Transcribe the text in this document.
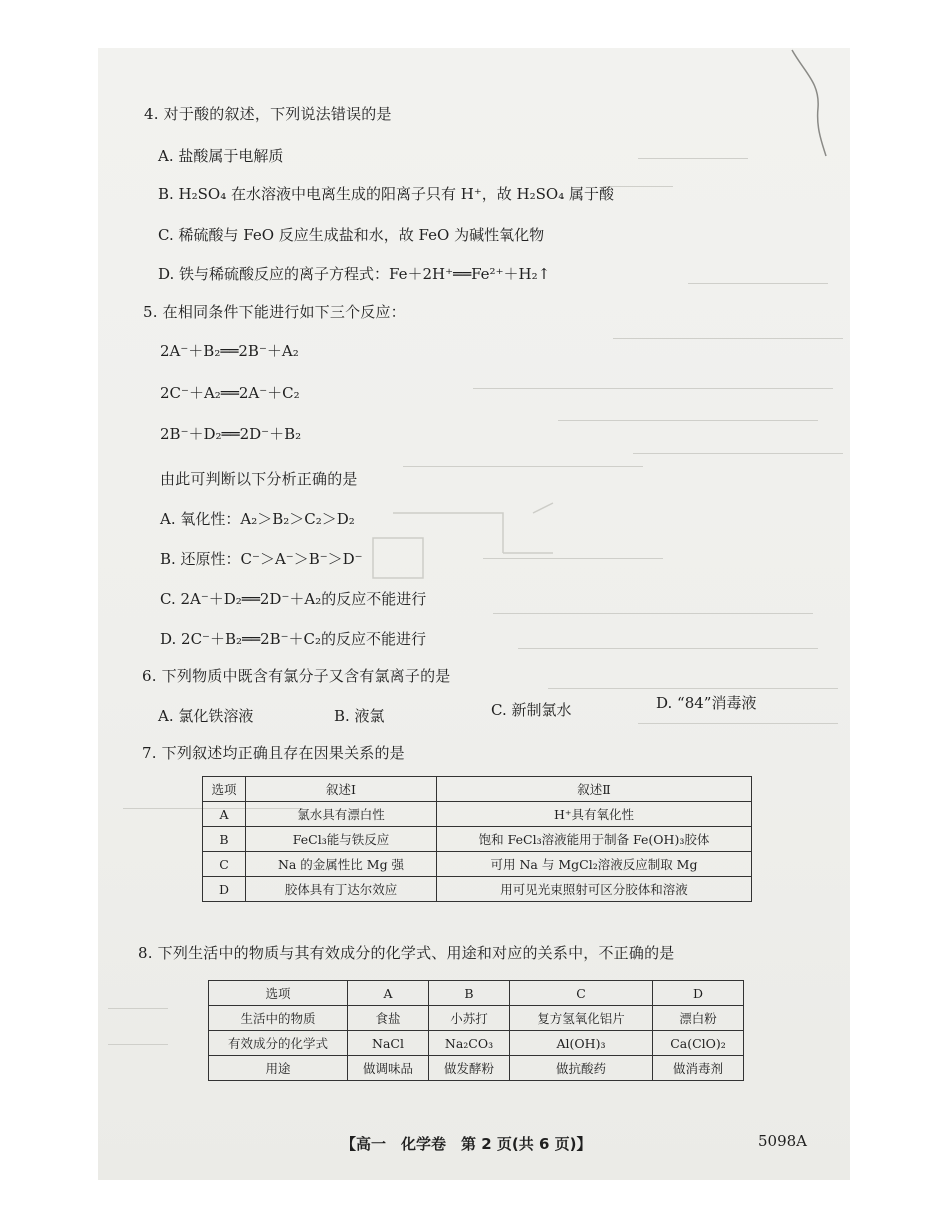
4. 对于酸的叙述，下列说法错误的是
A. 盐酸属于电解质
B. H₂SO₄ 在水溶液中电离生成的阳离子只有 H⁺，故 H₂SO₄ 属于酸
C. 稀硫酸与 FeO 反应生成盐和水，故 FeO 为碱性氧化物
D. 铁与稀硫酸反应的离子方程式：Fe＋2H⁺══Fe²⁺＋H₂↑
5. 在相同条件下能进行如下三个反应：
2A⁻＋B₂══2B⁻＋A₂
2C⁻＋A₂══2A⁻＋C₂
2B⁻＋D₂══2D⁻＋B₂
由此可判断以下分析正确的是
A. 氧化性：A₂＞B₂＞C₂＞D₂
B. 还原性：C⁻＞A⁻＞B⁻＞D⁻
C. 2A⁻＋D₂══2D⁻＋A₂的反应不能进行
D. 2C⁻＋B₂══2B⁻＋C₂的反应不能进行
6. 下列物质中既含有氯分子又含有氯离子的是
A. 氯化铁溶液	B. 液氯	C. 新制氯水	D. “84”消毒液
7. 下列叙述均正确且存在因果关系的是
选项	叙述Ⅰ	叙述Ⅱ
A	氯水具有漂白性	H⁺具有氧化性
B	FeCl₃能与铁反应	饱和 FeCl₃溶液能用于制备 Fe(OH)₃胶体
C	Na 的金属性比 Mg 强	可用 Na 与 MgCl₂溶液反应制取 Mg
D	胶体具有丁达尔效应	用可见光束照射可区分胶体和溶液
8. 下列生活中的物质与其有效成分的化学式、用途和对应的关系中，不正确的是
选项	A	B	C	D
生活中的物质	食盐	小苏打	复方氢氧化铝片	漂白粉
有效成分的化学式	NaCl	Na₂CO₃	Al(OH)₃	Ca(ClO)₂
用途	做调味品	做发酵粉	做抗酸药	做消毒剂
【高一　化学卷　第 2 页(共 6 页)】	5098A
